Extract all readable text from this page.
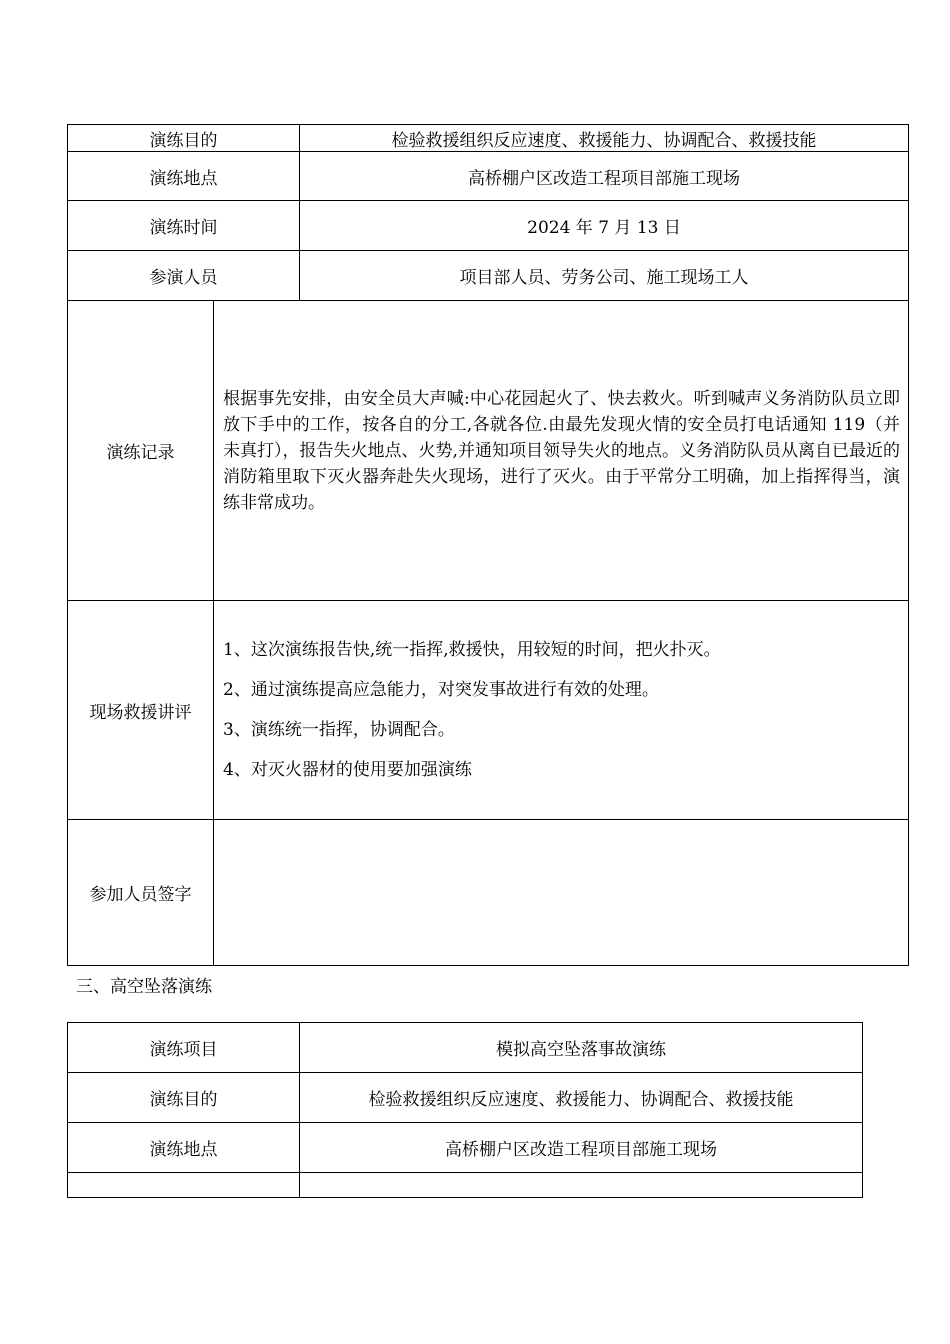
演练目的		检验救援组织反应速度、救援能力、协调配合、救援技能
演练地点		高桥棚户区改造工程项目部施工现场
演练时间		2024 年 7 月 13 日
参演人员		项目部人员、劳务公司、施工现场工人
演练记录	根据事先安排，由安全员大声喊:中心花园起火了、快去救火。听到喊声义务消防队员立即放下手中的工作，按各自的分工,各就各位.由最先发现火情的安全员打电话通知 119（并未真打），报告失火地点、火势,并通知项目领导失火的地点。义务消防队员从离自已最近的消防箱里取下灭火器奔赴失火现场，进行了灭火。由于平常分工明确，加上指挥得当，演练非常成功。	
现场救援讲评	1、这次演练报告快,统一指挥,救援快，用较短的时间，把火扑灭。

2、通过演练提高应急能力，对突发事故进行有效的处理。

3、演练统一指挥，协调配合。

4、对灭火器材的使用要加强演练	

参加人员签字		
三、高空坠落演练
演练项目	模拟高空坠落事故演练
演练目的	检验救援组织反应速度、救援能力、协调配合、救援技能
演练地点	高桥棚户区改造工程项目部施工现场
